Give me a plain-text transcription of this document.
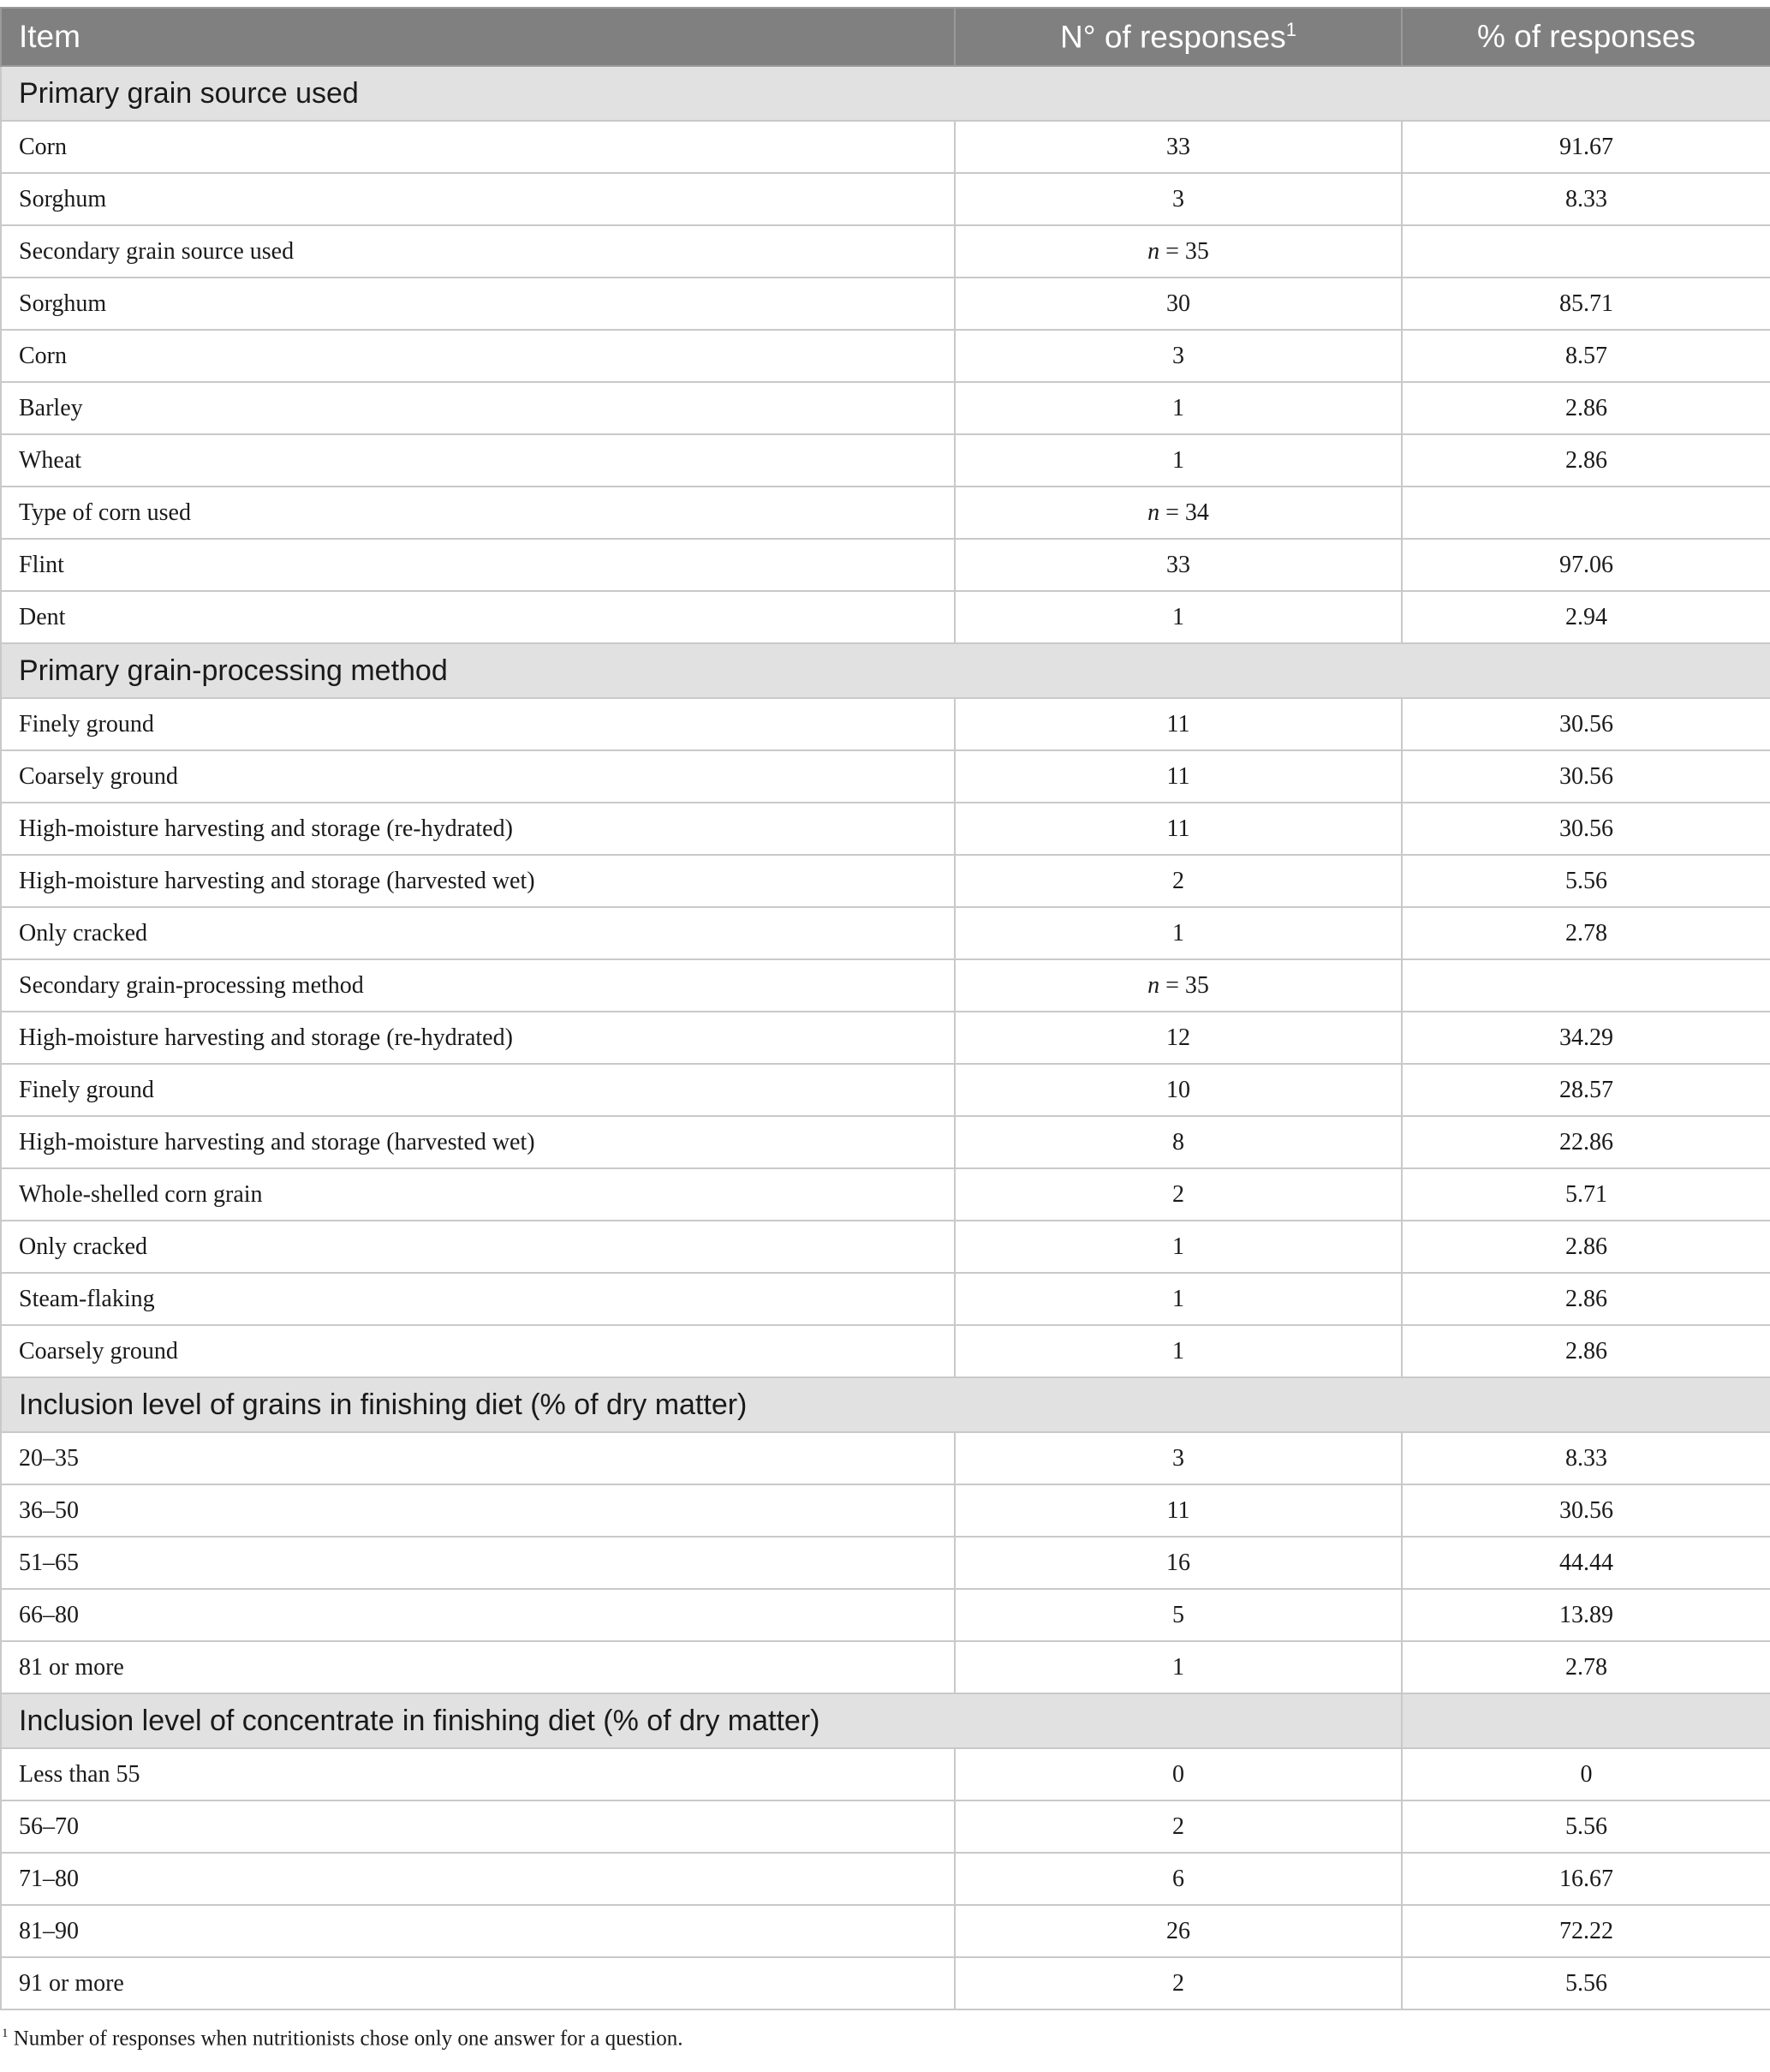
Item	N° of responses$^1$	% of responses
Primary grain source used		
Corn	33	91.67
Sorghum	3	8.33
Secondary grain source used	n = 35	
Sorghum	30	85.71
Corn	3	8.57
Barley	1	2.86
Wheat	1	2.86
Type of corn used	n = 34	
Flint	33	97.06
Dent	1	2.94
Primary grain-processing method		
Finely ground	11	30.56
Coarsely ground	11	30.56
High-moisture harvesting and storage (re-hydrated)	11	30.56
High-moisture harvesting and storage (harvested wet)	2	5.56
Only cracked	1	2.78
Secondary grain-processing method	n = 35	
High-moisture harvesting and storage (re-hydrated)	12	34.29
Finely ground	10	28.57
High-moisture harvesting and storage (harvested wet)	8	22.86
Whole-shelled corn grain	2	5.71
Only cracked	1	2.86
Steam-flaking	1	2.86
Coarsely ground	1	2.86
Inclusion level of grains in finishing diet (% of dry matter)		
20–35	3	8.33
36–50	11	30.56
51–65	16	44.44
66–80	5	13.89
81 or more	1	2.78
Inclusion level of concentrate in finishing diet (% of dry matter)		
Less than 55	0	0
56–70	2	5.56
71–80	6	16.67
81–90	26	72.22
91 or more	2	5.56
$^1$ Number of responses when nutritionists chose only one answer for a question.
